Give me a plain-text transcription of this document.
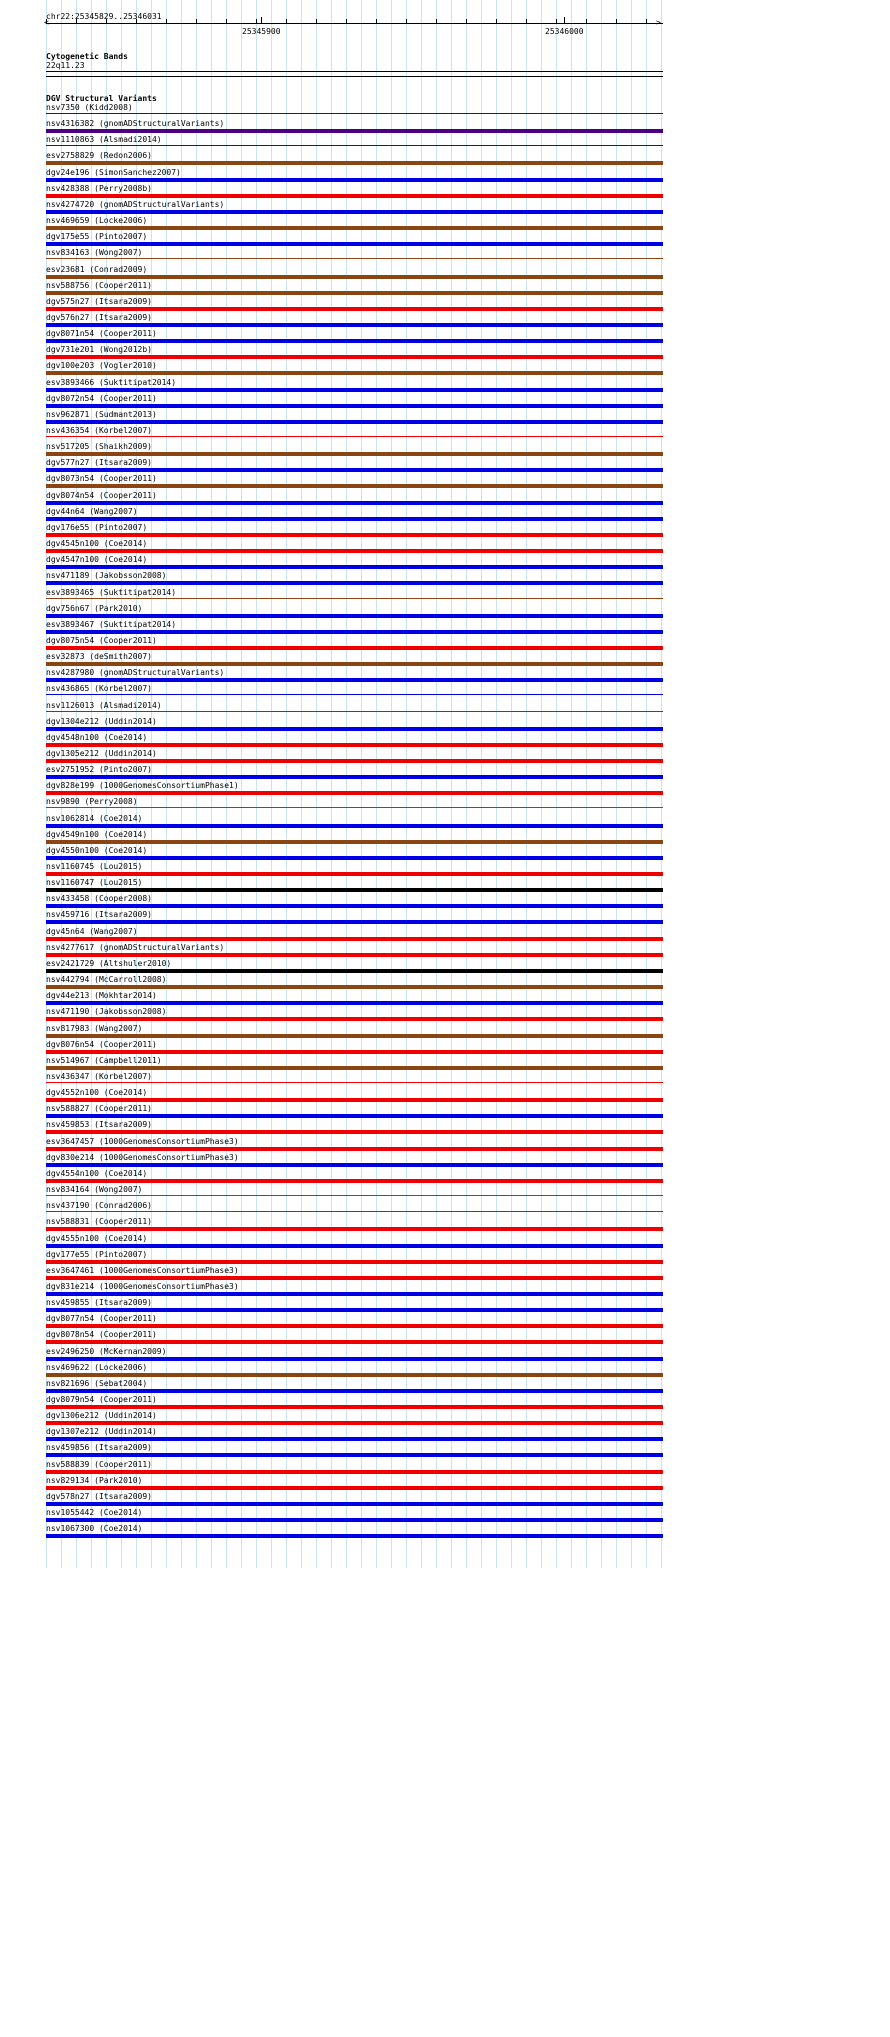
chr22:25345829..25346031
<	>
25345900	25346000
Cytogenetic Bands
22q11.23
DGV Structural Variants
nsv7350 (Kidd2008)
nsv4316382 (gnomADStructuralVariants)
nsv1110863 (Alsmadi2014)
esv2758829 (Redon2006)
dgv24e196 (SimonSanchez2007)
nsv428388 (Perry2008b)
nsv4274720 (gnomADStructuralVariants)
nsv469659 (Locke2006)
dgv175e55 (Pinto2007)
nsv834163 (Wong2007)
esv23681 (Conrad2009)
nsv588756 (Cooper2011)
dgv575n27 (Itsara2009)
dgv576n27 (Itsara2009)
dgv8071n54 (Cooper2011)
dgv731e201 (Wong2012b)
dgv100e203 (Vogler2010)
esv3893466 (Suktitipat2014)
dgv8072n54 (Cooper2011)
nsv962871 (Sudmant2013)
nsv436354 (Korbel2007)
nsv517205 (Shaikh2009)
dgv577n27 (Itsara2009)
dgv8073n54 (Cooper2011)
dgv8074n54 (Cooper2011)
dgv44n64 (Wang2007)
dgv176e55 (Pinto2007)
dgv4545n100 (Coe2014)
dgv4547n100 (Coe2014)
nsv471189 (Jakobsson2008)
esv3893465 (Suktitipat2014)
dgv756n67 (Park2010)
esv3893467 (Suktitipat2014)
dgv8075n54 (Cooper2011)
esv32873 (deSmith2007)
nsv4287980 (gnomADStructuralVariants)
nsv436865 (Korbel2007)
nsv1126013 (Alsmadi2014)
dgv1304e212 (Uddin2014)
dgv4548n100 (Coe2014)
dgv1305e212 (Uddin2014)
esv2751952 (Pinto2007)
dgv828e199 (1000GenomesConsortiumPhase1)
nsv9890 (Perry2008)
nsv1062814 (Coe2014)
dgv4549n100 (Coe2014)
dgv4550n100 (Coe2014)
nsv1160745 (Lou2015)
nsv1160747 (Lou2015)
nsv433458 (Cooper2008)
nsv459716 (Itsara2009)
dgv45n64 (Wang2007)
nsv4277617 (gnomADStructuralVariants)
esv2421729 (Altshuler2010)
nsv442794 (McCarroll2008)
dgv44e213 (Mokhtar2014)
nsv471190 (Jakobsson2008)
nsv817983 (Wang2007)
dgv8076n54 (Cooper2011)
nsv514967 (Campbell2011)
nsv436347 (Korbel2007)
dgv4552n100 (Coe2014)
nsv588827 (Cooper2011)
nsv459853 (Itsara2009)
esv3647457 (1000GenomesConsortiumPhase3)
dgv830e214 (1000GenomesConsortiumPhase3)
dgv4554n100 (Coe2014)
nsv834164 (Wong2007)
nsv437190 (Conrad2006)
nsv588831 (Cooper2011)
dgv4555n100 (Coe2014)
dgv177e55 (Pinto2007)
esv3647461 (1000GenomesConsortiumPhase3)
dgv831e214 (1000GenomesConsortiumPhase3)
nsv459855 (Itsara2009)
dgv8077n54 (Cooper2011)
dgv8078n54 (Cooper2011)
esv2496250 (McKernan2009)
nsv469622 (Locke2006)
nsv821696 (Sebat2004)
dgv8079n54 (Cooper2011)
dgv1306e212 (Uddin2014)
dgv1307e212 (Uddin2014)
nsv459856 (Itsara2009)
nsv588839 (Cooper2011)
nsv829134 (Park2010)
dgv578n27 (Itsara2009)
nsv1055442 (Coe2014)
nsv1067300 (Coe2014)
